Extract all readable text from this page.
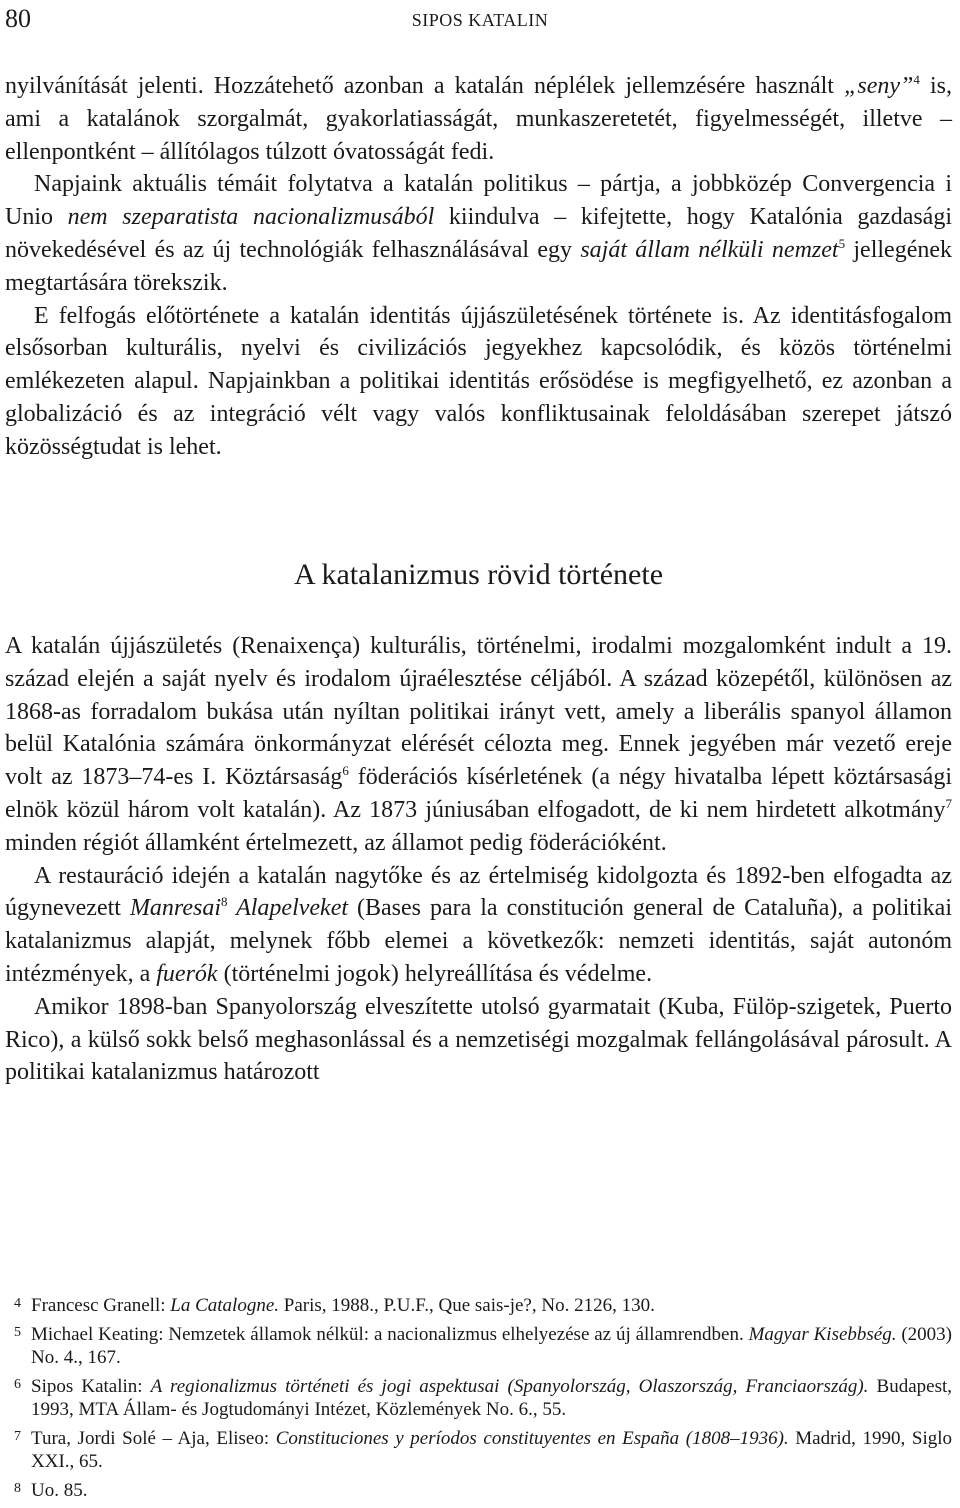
80	SIPOS KATALIN

nyilvánítását jelenti. Hozzátehető azonban a katalán néplélek jellemzésére használt „seny”$^4$ is, ami a katalánok szorgalmát, gyakorlatiasságát, munkaszeretetét, figyelmességét, illetve – ellenpontként – állítólagos túlzott óvatosságát fedi.

Napjaink aktuális témáit folytatva a katalán politikus – pártja, a jobbközép Convergencia i Unio nem szeparatista nacionalizmusából kiindulva – kifejtette, hogy Katalónia gazdasági növekedésével és az új technológiák felhasználásával egy saját állam nélküli nemzet$^5$ jellegének megtartására törekszik.

E felfogás előtörténete a katalán identitás újjászületésének története is. Az identitásfogalom elsősorban kulturális, nyelvi és civilizációs jegyekhez kapcsolódik, és közös történelmi emlékezeten alapul. Napjainkban a politikai identitás erősödése is megfigyelhető, ez azonban a globalizáció és az integráció vélt vagy valós konfliktusainak feloldásában szerepet játszó közösségtudat is lehet.

A katalanizmus rövid története

A katalán újjászületés (Renaixença) kulturális, történelmi, irodalmi mozgalomként indult a 19. század elején a saját nyelv és irodalom újraélesztése céljából. A század közepétől, különösen az 1868-as forradalom bukása után nyíltan politikai irányt vett, amely a liberális spanyol államon belül Katalónia számára önkormányzat elérését célozta meg. Ennek jegyében már vezető ereje volt az 1873–74-es I. Köztársaság$^6$ föderációs kísérletének (a négy hivatalba lépett köztársasági elnök közül három volt katalán). Az 1873 júniusában elfogadott, de ki nem hirdetett alkotmány$^7$ minden régiót államként értelmezett, az államot pedig föderációként.

A restauráció idején a katalán nagytőke és az értelmiség kidolgozta és 1892-ben elfogadta az úgynevezett Manresai$^8$ Alapelveket (Bases para la constitución general de Cataluña), a politikai katalanizmus alapját, melynek főbb elemei a következők: nemzeti identitás, saját autonóm intézmények, a fuerók (történelmi jogok) helyreállítása és védelme.

Amikor 1898-ban Spanyolország elveszítette utolsó gyarmatait (Kuba, Fülöp-szigetek, Puerto Rico), a külső sokk belső meghasonlással és a nemzetiségi mozgalmak fellángolásával párosult. A politikai katalanizmus határozott

4 Francesc Granell: La Catalogne. Paris, 1988., P.U.F., Que sais-je?, No. 2126, 130.
5 Michael Keating: Nemzetek államok nélkül: a nacionalizmus elhelyezése az új államrendben. Magyar Kisebbség. (2003) No. 4., 167.
6 Sipos Katalin: A regionalizmus történeti és jogi aspektusai (Spanyolország, Olaszország, Franciaország). Budapest, 1993, MTA Állam- és Jogtudományi Intézet, Közlemények No. 6., 55.
7 Tura, Jordi Solé – Aja, Eliseo: Constituciones y períodos constituyentes en España (1808–1936). Madrid, 1990, Siglo XXI., 65.
8 Uo. 85.
